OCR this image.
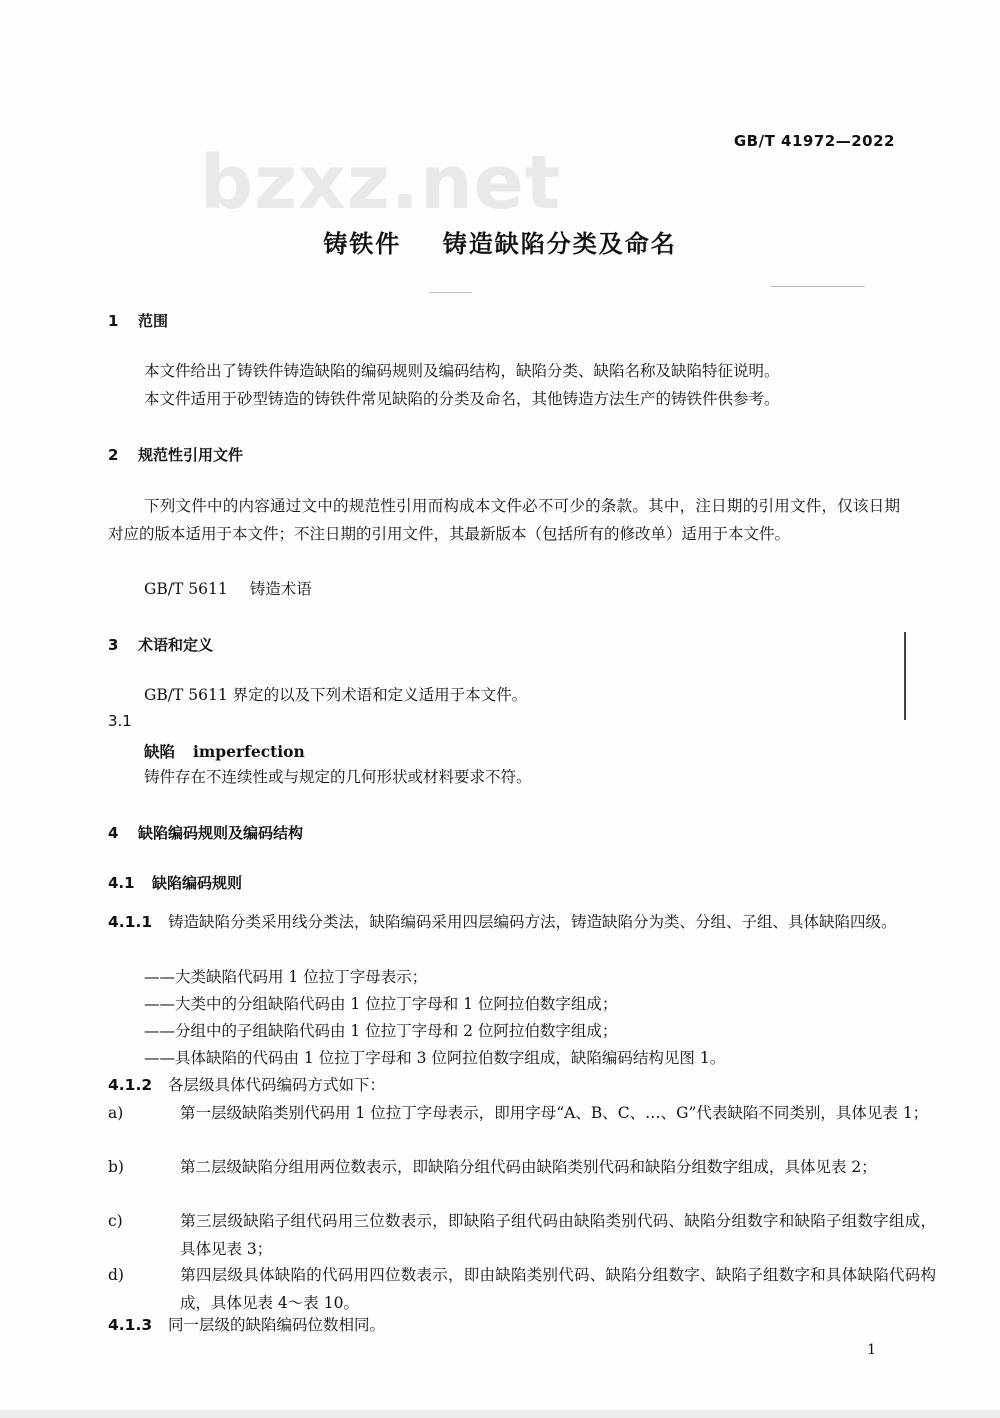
bzxz.net	GB/T 41972—2022
铸铁件    铸造缺陷分类及命名
1 范围
本文件给出了铸铁件铸造缺陷的编码规则及编码结构，缺陷分类、缺陷名称及缺陷特征说明。
本文件适用于砂型铸造的铸铁件常见缺陷的分类及命名，其他铸造方法生产的铸铁件供参考。
2 规范性引用文件
下列文件中的内容通过文中的规范性引用而构成本文件必不可少的条款。其中，注日期的引用文件，仅该日期对应的版本适用于本文件；不注日期的引用文件，其最新版本（包括所有的修改单）适用于本文件。
GB/T 5611 铸造术语
3 术语和定义
GB/T 5611 界定的以及下列术语和定义适用于本文件。
3.1
缺陷 imperfection
铸件存在不连续性或与规定的几何形状或材料要求不符。
4 缺陷编码规则及编码结构
4.1 缺陷编码规则
4.1.1 铸造缺陷分类采用线分类法，缺陷编码采用四层编码方法，铸造缺陷分为类、分组、子组、具体缺陷四级。
——大类缺陷代码用 1 位拉丁字母表示；
——大类中的分组缺陷代码由 1 位拉丁字母和 1 位阿拉伯数字组成；
——分组中的子组缺陷代码由 1 位拉丁字母和 2 位阿拉伯数字组成；
——具体缺陷的代码由 1 位拉丁字母和 3 位阿拉伯数字组成，缺陷编码结构见图 1。
4.1.2 各层级具体代码编码方式如下：
a)	第一层级缺陷类别代码用 1 位拉丁字母表示，即用字母“A、B、C、…、G”代表缺陷不同类别，具体见表 1；
b)	第二层级缺陷分组用两位数表示，即缺陷分组代码由缺陷类别代码和缺陷分组数字组成，具体见表 2；
c)	第三层级缺陷子组代码用三位数表示，即缺陷子组代码由缺陷类别代码、缺陷分组数字和缺陷子组数字组成，具体见表 3；
d)	第四层级具体缺陷的代码用四位数表示，即由缺陷类别代码、缺陷分组数字、缺陷子组数字和具体缺陷代码构成，具体见表 4～表 10。
4.1.3 同一层级的缺陷编码位数相同。
1
